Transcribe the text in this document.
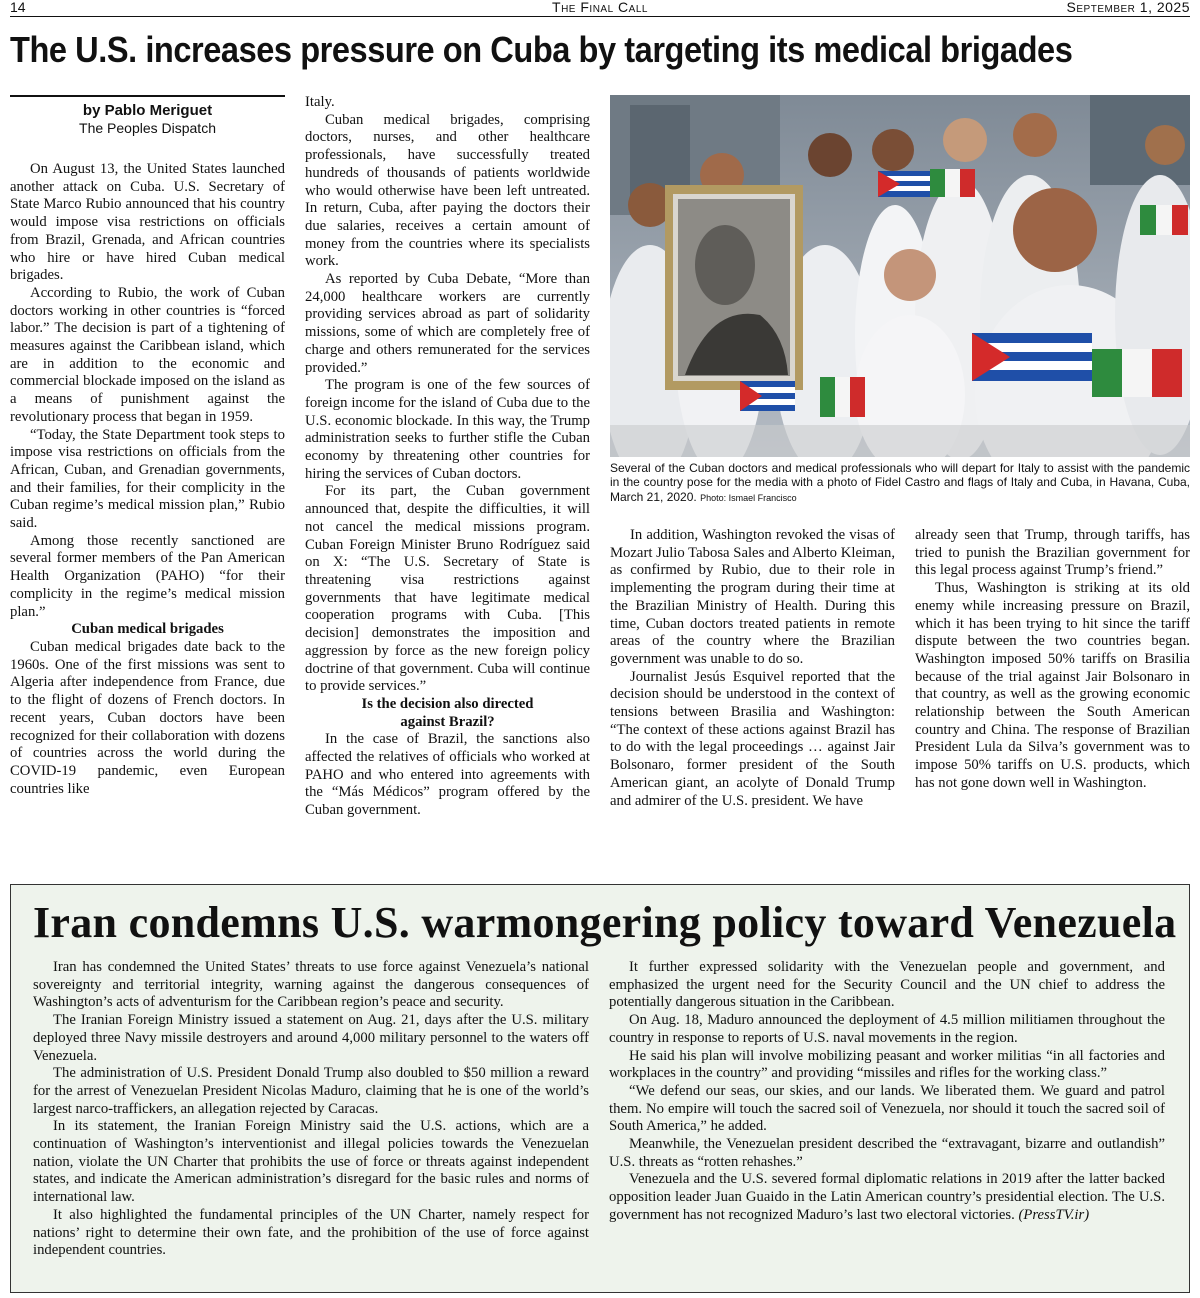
14	The Final Call	September 1, 2025
The U.S. increases pressure on Cuba by targeting its medical brigades
by Pablo Meriguet
The Peoples Dispatch

On August 13, the United States launched another attack on Cuba. U.S. Secretary of State Marco Rubio announced that his country would impose visa restrictions on officials from Brazil, Grenada, and African countries who hire or have hired Cuban medical brigades.

According to Rubio, the work of Cuban doctors working in other countries is “forced labor.” The decision is part of a tightening of measures against the Caribbean island, which are in addition to the economic and commercial blockade imposed on the island as a means of punishment against the revolutionary process that began in 1959.

“Today, the State Department took steps to impose visa restrictions on officials from the African, Cuban, and Grenadian governments, and their families, for their complicity in the Cuban regime’s medical mission plan,” Rubio said.

Among those recently sanctioned are several former members of the Pan American Health Organization (PAHO) “for their complicity in the regime’s medical mission plan.”

Cuban medical brigades

Cuban medical brigades date back to the 1960s. One of the first missions was sent to Algeria after independence from France, due to the flight of dozens of French doctors. In recent years, Cuban doctors have been recognized for their collaboration with dozens of countries across the world during the COVID-19 pandemic, even European countries like

Italy.

Cuban medical brigades, comprising doctors, nurses, and other healthcare professionals, have successfully treated hundreds of thousands of patients worldwide who would otherwise have been left untreated. In return, Cuba, after paying the doctors their due salaries, receives a certain amount of money from the countries where its specialists work.

As reported by Cuba Debate, “More than 24,000 healthcare workers are currently providing services abroad as part of solidarity missions, some of which are completely free of charge and others remunerated for the services provided.”

The program is one of the few sources of foreign income for the island of Cuba due to the U.S. economic blockade. In this way, the Trump administration seeks to further stifle the Cuban economy by threatening other countries for hiring the services of Cuban doctors.

For its part, the Cuban government announced that, despite the difficulties, it will not cancel the medical missions program. Cuban Foreign Minister Bruno Rodríguez said on X: “The U.S. Secretary of State is threatening visa restrictions against governments that have legitimate medical cooperation programs with Cuba. [This decision] demonstrates the imposition and aggression by force as the new foreign policy doctrine of that government. Cuba will continue to provide services.”

Is the decision also directed
against Brazil?

In the case of Brazil, the sanctions also affected the relatives of officials who worked at PAHO and who entered into agreements with the “Más Médicos” program offered by the Cuban government.

Several of the Cuban doctors and medical professionals who will depart for Italy to assist with the pandemic in the country pose for the media with a photo of Fidel Castro and flags of Italy and Cuba, in Havana, Cuba, March 21, 2020. Photo: Ismael Francisco

In addition, Washington revoked the visas of Mozart Julio Tabosa Sales and Alberto Kleiman, as confirmed by Rubio, due to their role in implementing the program during their time at the Brazilian Ministry of Health. During this time, Cuban doctors treated patients in remote areas of the country where the Brazilian government was unable to do so.

Journalist Jesús Esquivel reported that the decision should be understood in the context of tensions between Brasilia and Washington: “The context of these actions against Brazil has to do with the legal proceedings … against Jair Bolsonaro, former president of the South American giant, an acolyte of Donald Trump and admirer of the U.S. president. We have

already seen that Trump, through tariffs, has tried to punish the Brazilian government for this legal process against Trump’s friend.”

Thus, Washington is striking at its old enemy while increasing pressure on Brazil, which it has been trying to hit since the tariff dispute between the two countries began. Washington imposed 50% tariffs on Brasilia because of the trial against Jair Bolsonaro in that country, as well as the growing economic relationship between the South American country and China. The response of Brazilian President Lula da Silva’s government was to impose 50% tariffs on U.S. products, which has not gone down well in Washington.

Iran condemns U.S. warmongering policy toward Venezuela

Iran has condemned the United States’ threats to use force against Venezuela’s national sovereignty and territorial integrity, warning against the dangerous consequences of Washington’s acts of adventurism for the Caribbean region’s peace and security.

The Iranian Foreign Ministry issued a statement on Aug. 21, days after the U.S. military deployed three Navy missile destroyers and around 4,000 military personnel to the waters off Venezuela.

The administration of U.S. President Donald Trump also doubled to $50 million a reward for the arrest of Venezuelan President Nicolas Maduro, claiming that he is one of the world’s largest narco-traffickers, an allegation rejected by Caracas.

In its statement, the Iranian Foreign Ministry said the U.S. actions, which are a continuation of Washington’s interventionist and illegal policies towards the Venezuelan nation, violate the UN Charter that prohibits the use of force or threats against independent states, and indicate the American administration’s disregard for the basic rules and norms of international law.

It also highlighted the fundamental principles of the UN Charter, namely respect for nations’ right to determine their own fate, and the prohibition of the use of force against independent countries.

It further expressed solidarity with the Venezuelan people and government, and emphasized the urgent need for the Security Council and the UN chief to address the potentially dangerous situation in the Caribbean.

On Aug. 18, Maduro announced the deployment of 4.5 million militiamen throughout the country in response to reports of U.S. naval movements in the region.

He said his plan will involve mobilizing peasant and worker militias “in all factories and workplaces in the country” and providing “missiles and rifles for the working class.”

“We defend our seas, our skies, and our lands. We liberated them. We guard and patrol them. No empire will touch the sacred soil of Venezuela, nor should it touch the sacred soil of South America,” he added.

Meanwhile, the Venezuelan president described the “extravagant, bizarre and outlandish” U.S. threats as “rotten rehashes.”

Venezuela and the U.S. severed formal diplomatic relations in 2019 after the latter backed opposition leader Juan Guaido in the Latin American country’s presidential election. The U.S. government has not recognized Maduro’s last two electoral victories. (PressTV.ir)
